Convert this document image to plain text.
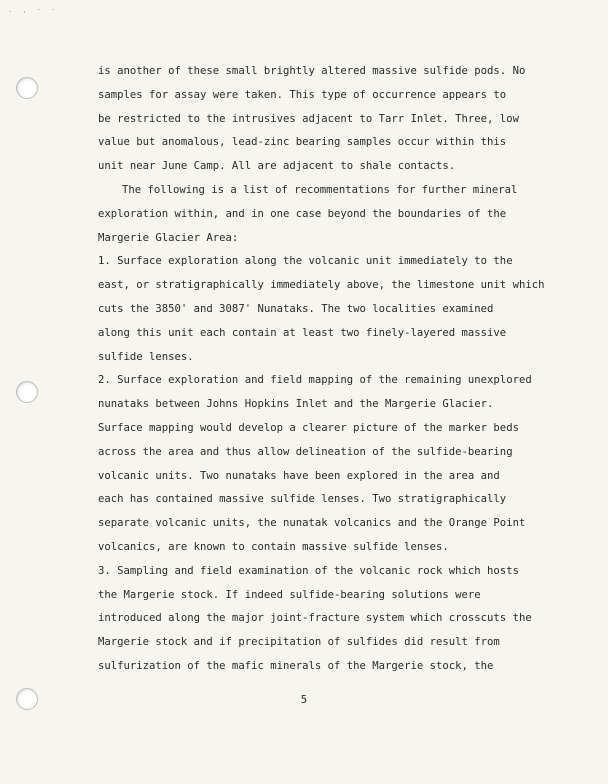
. , · ·
is another of these small brightly altered massive sulfide pods. No
samples for assay were taken. This type of occurrence appears to
be restricted to the intrusives adjacent to Tarr Inlet. Three, low
value but anomalous, lead-zinc bearing samples occur within this
unit near June Camp. All are adjacent to shale contacts.
The following is a list of recommentations for further mineral
exploration within, and in one case beyond the boundaries of the
Margerie Glacier Area:
1. Surface exploration along the volcanic unit immediately to the
east, or stratigraphically immediately above, the limestone unit which
cuts the 3850' and 3087' Nunataks. The two localities examined
along this unit each contain at least two finely-layered massive
sulfide lenses.
2. Surface exploration and field mapping of the remaining unexplored
nunataks between Johns Hopkins Inlet and the Margerie Glacier.
Surface mapping would develop a clearer picture of the marker beds
across the area and thus allow delineation of the sulfide-bearing
volcanic units. Two nunataks have been explored in the area and
each has contained massive sulfide lenses. Two stratigraphically
separate volcanic units, the nunatak volcanics and the Orange Point
volcanics, are known to contain massive sulfide lenses.
3. Sampling and field examination of the volcanic rock which hosts
the Margerie stock. If indeed sulfide-bearing solutions were
introduced along the major joint-fracture system which crosscuts the
Margerie stock and if precipitation of sulfides did result from
sulfurization of the mafic minerals of the Margerie stock, the
5
